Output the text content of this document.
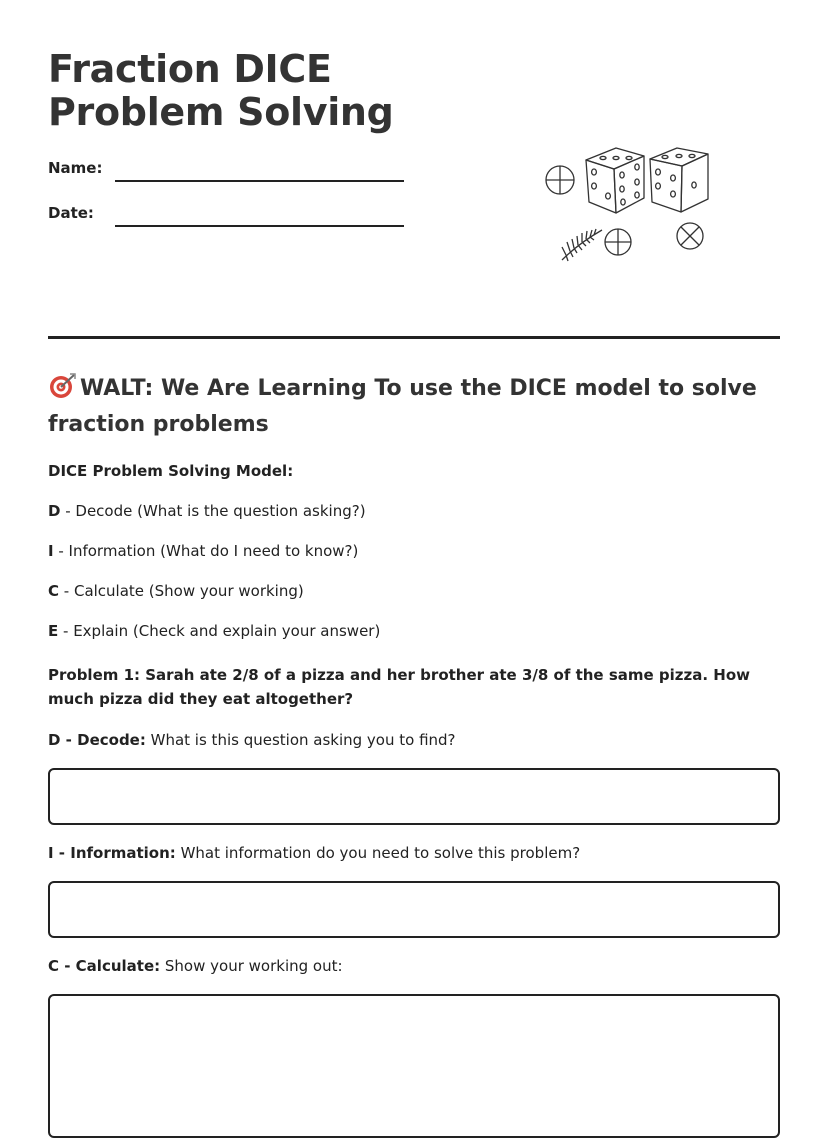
Fraction DICE Problem Solving
Name:
Date:
WALT: We Are Learning To use the DICE model to solve fraction problems
DICE Problem Solving Model:
D - Decode (What is the question asking?)
I - Information (What do I need to know?)
C - Calculate (Show your working)
E - Explain (Check and explain your answer)
Problem 1: Sarah ate 2/8 of a pizza and her brother ate 3/8 of the same pizza. How much pizza did they eat altogether?
D - Decode: What is this question asking you to find?
I - Information: What information do you need to solve this problem?
C - Calculate: Show your working out:
